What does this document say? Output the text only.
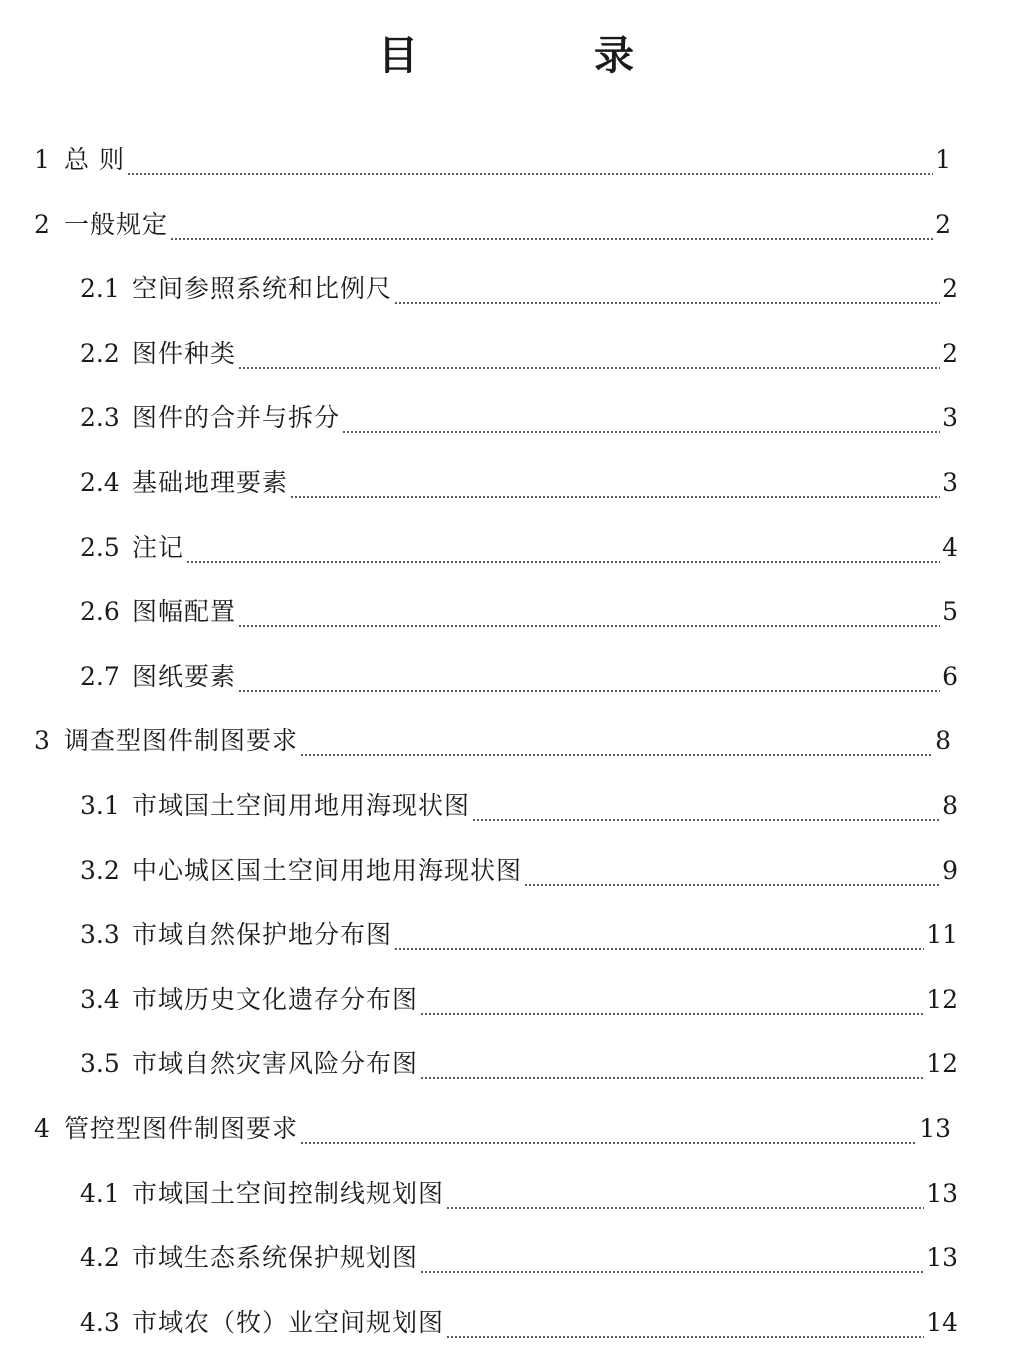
目　录
1 总 则	1
2 一般规定	2
2.1 空间参照系统和比例尺	2
2.2 图件种类	2
2.3 图件的合并与拆分	3
2.4 基础地理要素	3
2.5 注记	4
2.6 图幅配置	5
2.7 图纸要素	6
3 调查型图件制图要求	8
3.1 市域国土空间用地用海现状图	8
3.2 中心城区国土空间用地用海现状图	9
3.3 市域自然保护地分布图	11
3.4 市域历史文化遗存分布图	12
3.5 市域自然灾害风险分布图	12
4 管控型图件制图要求	13
4.1 市域国土空间控制线规划图	13
4.2 市域生态系统保护规划图	13
4.3 市域农（牧）业空间规划图	14
